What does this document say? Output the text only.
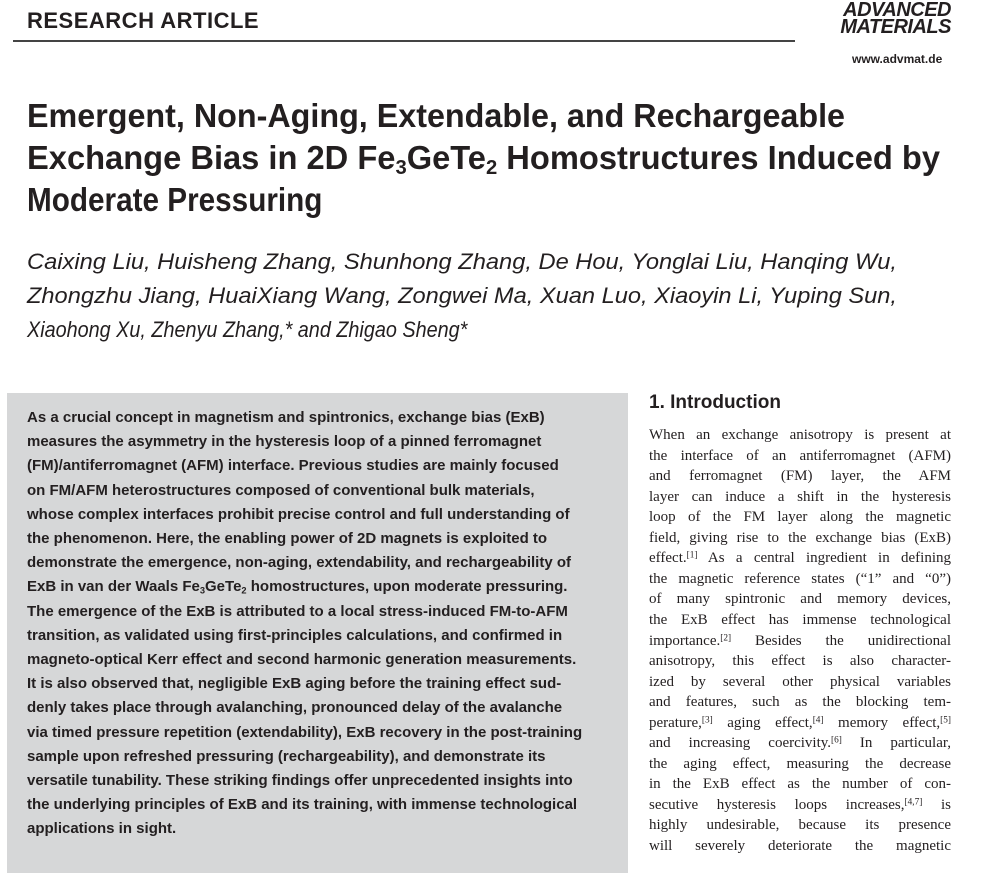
RESEARCH ARTICLE	ADVANCED
MATERIALS
www.advmat.de
Emergent, Non-Aging, Extendable, and Rechargeable
Exchange Bias in 2D $Fe_3GeTe_2$ Homostructures Induced by
Moderate Pressuring
Caixing Liu, Huisheng Zhang, Shunhong Zhang, De Hou, Yonglai Liu, Hanqing Wu,
Zhongzhu Jiang, HuaiXiang Wang, Zongwei Ma, Xuan Luo, Xiaoyin Li, Yuping Sun,
Xiaohong Xu, Zhenyu Zhang,* and Zhigao Sheng*
As a crucial concept in magnetism and spintronics, exchange bias (ExB)
measures the asymmetry in the hysteresis loop of a pinned ferromagnet
(FM)/antiferromagnet (AFM) interface. Previous studies are mainly focused
on FM/AFM heterostructures composed of conventional bulk materials,
whose complex interfaces prohibit precise control and full understanding of
the phenomenon. Here, the enabling power of 2D magnets is exploited to
demonstrate the emergence, non-aging, extendability, and rechargeability of
ExB in van der Waals $Fe_3GeTe_2$ homostructures, upon moderate pressuring.
The emergence of the ExB is attributed to a local stress-induced FM-to-AFM
transition, as validated using first-principles calculations, and confirmed in
magneto-optical Kerr effect and second harmonic generation measurements.
It is also observed that, negligible ExB aging before the training effect sud-
denly takes place through avalanching, pronounced delay of the avalanche
via timed pressure repetition (extendability), ExB recovery in the post-training
sample upon refreshed pressuring (rechargeability), and demonstrate its
versatile tunability. These striking findings offer unprecedented insights into
the underlying principles of ExB and its training, with immense technological
applications in sight.
1. Introduction
When an exchange anisotropy is present at
the interface of an antiferromagnet (AFM)
and ferromagnet (FM) layer, the AFM
layer can induce a shift in the hysteresis
loop of the FM layer along the magnetic
field, giving rise to the exchange bias (ExB)
effect.[1] As a central ingredient in defining
the magnetic reference states (“1” and “0”)
of many spintronic and memory devices,
the ExB effect has immense technological
importance.[2] Besides the unidirectional
anisotropy, this effect is also character-
ized by several other physical variables
and features, such as the blocking tem-
perature,[3] aging effect,[4] memory effect,[5]
and increasing coercivity.[6] In particular,
the aging effect, measuring the decrease
in the ExB effect as the number of con-
secutive hysteresis loops increases,[4,7] is
highly undesirable, because its presence
will severely deteriorate the magnetic
